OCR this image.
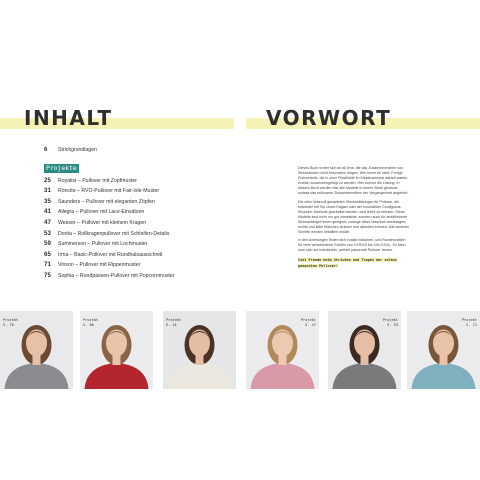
INHALT	VORWORT
6	Strickgrundlagen
Projekte
25	Royalist – Pullover mit Zopfmuster
31	Röncite – RVO-Pullover mit Fair-Isle-Muster
35	Saunders – Pullover mit eleganten Zöpfen
41	Allegra – Pullover mit Lace-Einsätzen
47	Weaver – Pullover mit kleinem Kragen
53	Dorita – Rollkragenpullover mit Schleifen-Details
59	Summerson – Pullover mit Lochmuster
65	Irma – Basic-Pullover mit Rundhalsausschnitt
71	Vinson – Pullover mit Rippenmuster
75	Sophia – Rundpassen-Pullover mit Popcornmuster

Dieses Buch richtet sich an all jene, die das Zusammennähen von Strickstücken nicht besonders mögen. Wer kennt es nicht: Fertige Pulloverteile, die in einer Plastiktüte im Kleiderschrank darauf warten, endlich zusammengefügt zu werden. Hier kommt die Lösung: In diesem Buch werden fast alle Modelle in einem Stück gestrickt, sodass das mühsame Zusammennähen der Vergangenheit angehört.

Die zehn liebevoll gestalteten Strickanleitungen für Pullover, die entweder mit Top-down-Raglan oder der innovativen Contiguous-Shoulder-Methode gearbeitet werden, sind leicht zu stricken. Diese Modelle sind nicht nur gut umsetzbar, sondern auch für ambitionierte Strickanfänger*innen geeignet, solange diese Maschen anschlagen, rechts und linke Maschen stricken und abketten können. Alle weiteren Schritte werden detailliert erklärt.

In den Anleitungen finden sich exakte Maschen- und Rundenzahlen für viele verschiedene Größen von XXS/XS bis XXL/XXXL. So kann man sich auf individuelle, perfekt passende Pullover freuen.

Viel Freude beim Stricken und Tragen der selbst gemachten Pullover!

Projekt
S. 76
Projekt
S. 80
Projekt
S. 41
Projekt
S. 47
Projekt
S. 53
Projekt
S. 71
